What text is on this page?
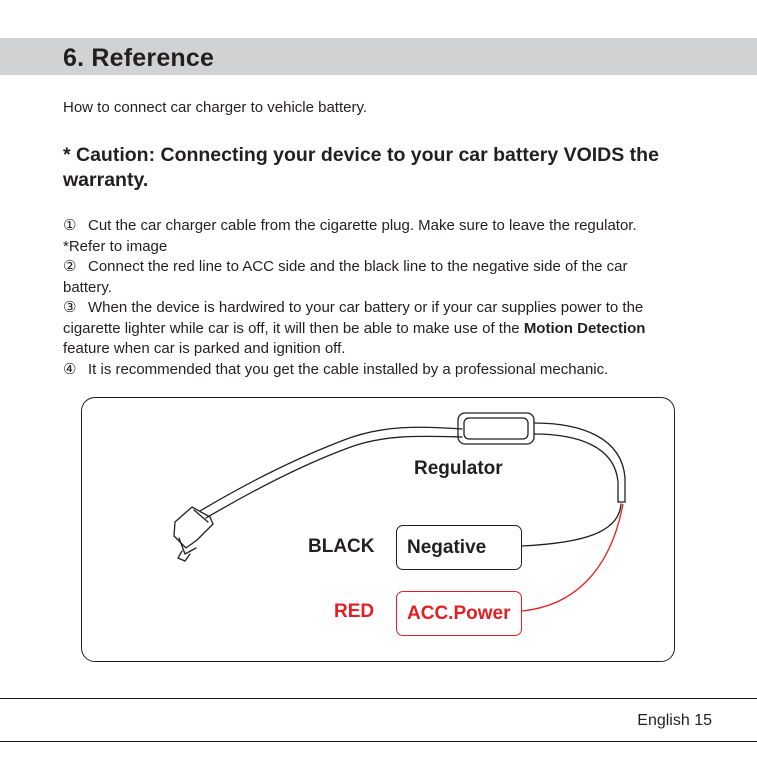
6. Reference
How to connect car charger to vehicle battery.

* Caution: Connecting your device to your car battery VOIDS the warranty.

① Cut the car charger cable from the cigarette plug. Make sure to leave the regulator.
*Refer to image
② Connect the red line to ACC side and the black line to the negative side of the car
battery.
③ When the device is hardwired to your car battery or if your car supplies power to the
cigarette lighter while car is off, it will then be able to make use of the Motion Detection
feature when car is parked and ignition off.
④ It is recommended that you get the cable installed by a professional mechanic.
Regulator
BLACK Negative
RED ACC.Power
English 15
